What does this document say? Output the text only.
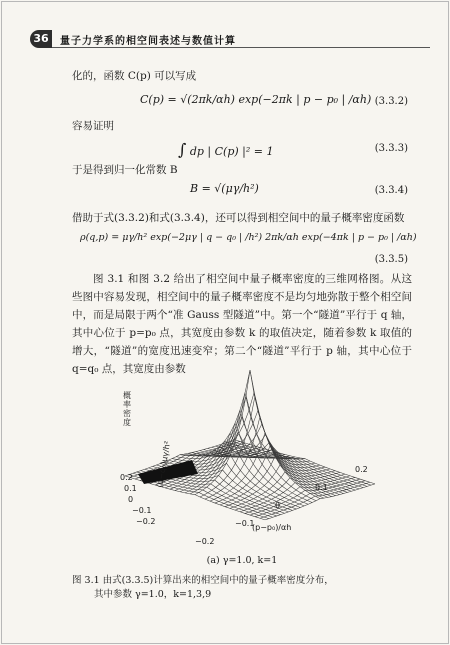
36	量子力学系的相空间表述与数值计算
化的，函数 C(p) 可以写成
C(p) = √(2πk/αh) exp(−2πk | p − p₀ | /αh) (3.3.2)
容易证明
∫ dp | C(p) |² = 1	(3.3.3)
于是得到归一化常数 B
B = √(μγ/h²)	(3.3.4)
借助于式(3.3.2)和式(3.3.4)，还可以得到相空间中的量子概率密度函数
ρ(q,p) = μγ/h² exp(−2μγ | q − q₀ | /h²) 2πk/αh exp(−4πk | p − p₀ | /αh)
(3.3.5)
图 3.1 和图 3.2 给出了相空间中量子概率密度的三维网格图。从这些图中容易发现，相空间中的量子概率密度不是均匀地弥散于整个相空间中，而是局限于两个“准 Gauss 型隧道”中。第一个“隧道”平行于 q 轴，其中心位于 p=p₀ 点，其宽度由参数 k 的取值决定，随着参数 k 取值的增大，“隧道”的宽度迅速变窄；第二个“隧道”平行于 p 轴，其中心位于 q=q₀ 点，其宽度由参数
概率密度
0.2
0.1
0
−0.1
−0.2
−0.2
−0.1
0
0.1
0.2
(q−q₀)μγ/h²
(p−p₀)/αh
(a) γ=1.0, k=1
图 3.1 由式(3.3.5)计算出来的相空间中的量子概率密度分布，
其中参数 γ=1.0，k=1,3,9
